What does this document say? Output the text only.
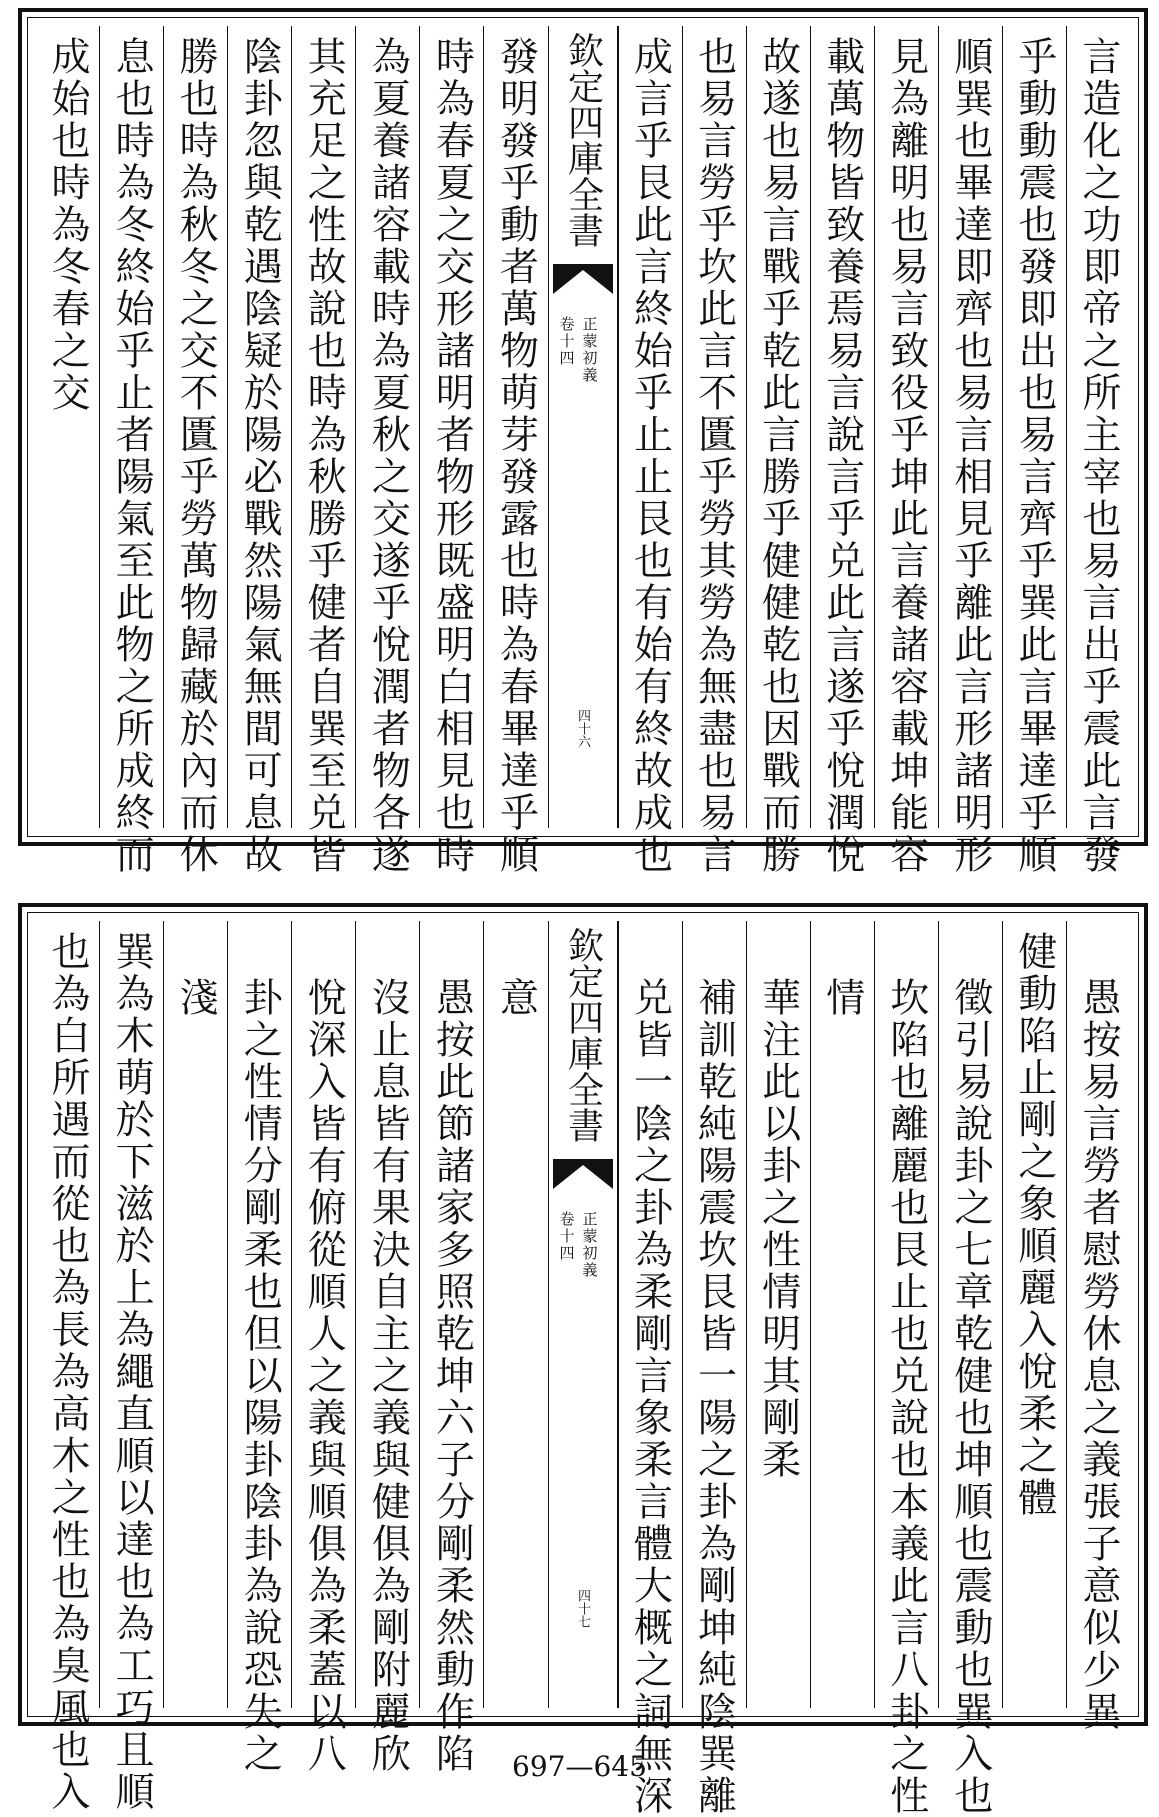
言造化之功即帝之所主宰也易言出乎震此言發
乎動動震也發即出也易言齊乎巽此言畢達乎順
順巽也畢達即齊也易言相見乎離此言形諸明形
見為離明也易言致役乎坤此言養諸容載坤能容
載萬物皆致養焉易言說言乎兑此言遂乎悅潤悅
故遂也易言戰乎乾此言勝乎健健乾也因戰而勝
也易言勞乎坎此言不匱乎勞其勞為無盡也易言
成言乎艮此言終始乎止止艮也有始有終故成也
欽定四庫全書
卷十四 正蒙初義
四十六
發明發乎動者萬物萌芽發露也時為春畢達乎順
時為春夏之交形諸明者物形既盛明白相見也時
為夏養諸容載時為夏秋之交遂乎悅潤者物各遂
其充足之性故說也時為秋勝乎健者自巽至兑皆
陰卦忽與乾遇陰疑於陽必戰然陽氣無間可息故
勝也時為秋冬之交不匱乎勞萬物歸藏於內而休
息也時為冬終始乎止者陽氣至此物之所成終而
成始也時為冬春之交
愚按易言勞者慰勞休息之義張子意似少異
健動陷止剛之象順麗入悅柔之體
徵引易說卦之七章乾健也坤順也震動也巽入也
坎陷也離麗也艮止也兑說也本義此言八卦之性
情
華注此以卦之性情明其剛柔
補訓乾純陽震坎艮皆一陽之卦為剛坤純陰巽離
兑皆一陰之卦為柔剛言象柔言體大概之詞無深
欽定四庫全書
卷十四 正蒙初義
四十七
意
愚按此節諸家多照乾坤六子分剛柔然動作陷
沒止息皆有果決自主之義與健俱為剛附麗欣
悅深入皆有俯從順人之義與順俱為柔蓋以八
卦之性情分剛柔也但以陽卦陰卦為說恐失之
淺
巽為木萌於下滋於上為繩直順以達也為工巧且順
也為白所遇而從也為長為高木之性也為臭風也入	697—645
